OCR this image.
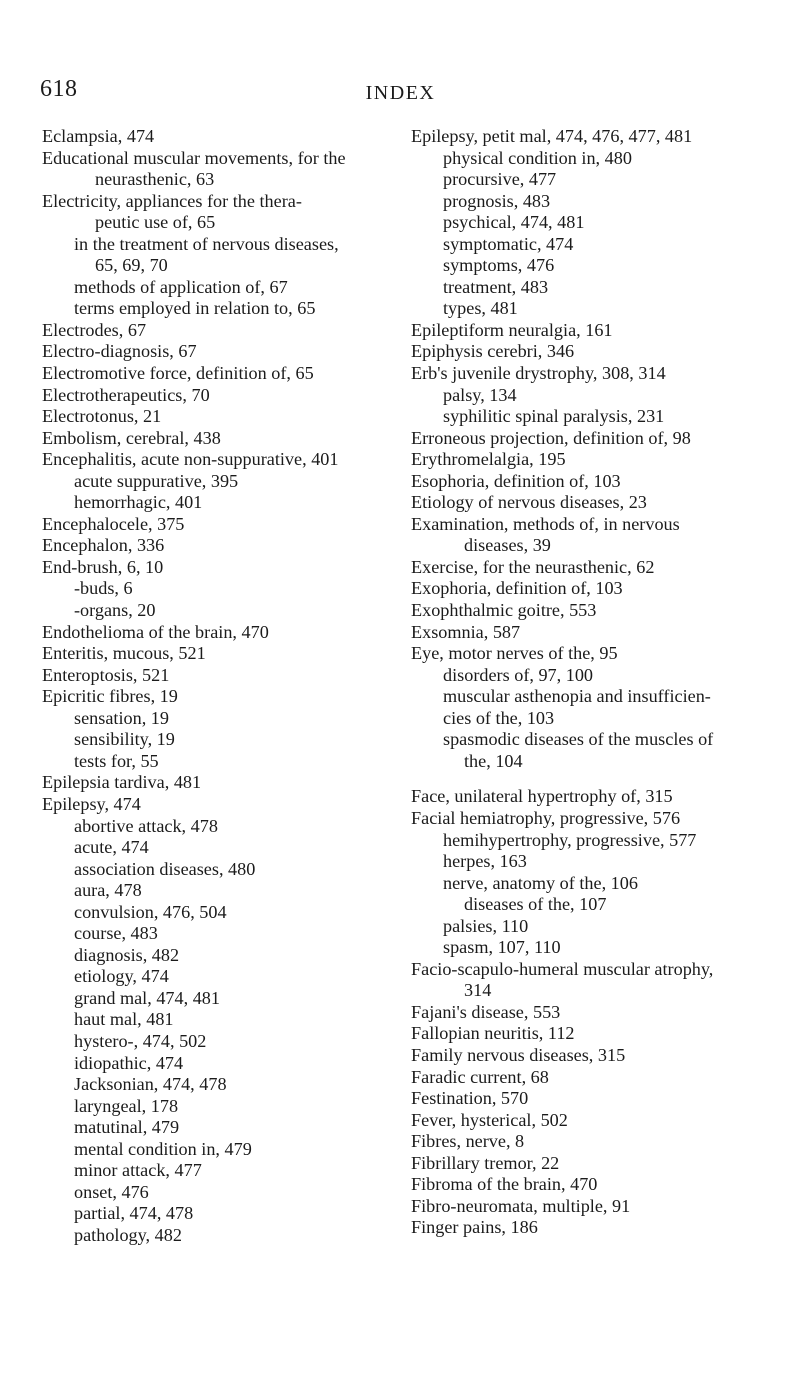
618	INDEX
Eclampsia, 474
Educational muscular movements, for the
neurasthenic, 63
Electricity, appliances for the thera-
peutic use of, 65
in the treatment of nervous diseases,
65, 69, 70
methods of application of, 67
terms employed in relation to, 65
Electrodes, 67
Electro-diagnosis, 67
Electromotive force, definition of, 65
Electrotherapeutics, 70
Electrotonus, 21
Embolism, cerebral, 438
Encephalitis, acute non-suppurative, 401
acute suppurative, 395
hemorrhagic, 401
Encephalocele, 375
Encephalon, 336
End-brush, 6, 10
-buds, 6
-organs, 20
Endothelioma of the brain, 470
Enteritis, mucous, 521
Enteroptosis, 521
Epicritic fibres, 19
sensation, 19
sensibility, 19
tests for, 55
Epilepsia tardiva, 481
Epilepsy, 474
abortive attack, 478
acute, 474
association diseases, 480
aura, 478
convulsion, 476, 504
course, 483
diagnosis, 482
etiology, 474
grand mal, 474, 481
haut mal, 481
hystero-, 474, 502
idiopathic, 474
Jacksonian, 474, 478
laryngeal, 178
matutinal, 479
mental condition in, 479
minor attack, 477
onset, 476
partial, 474, 478
pathology, 482
Epilepsy, petit mal, 474, 476, 477, 481
physical condition in, 480
procursive, 477
prognosis, 483
psychical, 474, 481
symptomatic, 474
symptoms, 476
treatment, 483
types, 481
Epileptiform neuralgia, 161
Epiphysis cerebri, 346
Erb's juvenile drystrophy, 308, 314
palsy, 134
syphilitic spinal paralysis, 231
Erroneous projection, definition of, 98
Erythromelalgia, 195
Esophoria, definition of, 103
Etiology of nervous diseases, 23
Examination, methods of, in nervous
diseases, 39
Exercise, for the neurasthenic, 62
Exophoria, definition of, 103
Exophthalmic goitre, 553
Exsomnia, 587
Eye, motor nerves of the, 95
disorders of, 97, 100
muscular asthenopia and insufficien-
cies of the, 103
spasmodic diseases of the muscles of
the, 104
Face, unilateral hypertrophy of, 315
Facial hemiatrophy, progressive, 576
hemihypertrophy, progressive, 577
herpes, 163
nerve, anatomy of the, 106
diseases of the, 107
palsies, 110
spasm, 107, 110
Facio-scapulo-humeral muscular atrophy,
314
Fajani's disease, 553
Fallopian neuritis, 112
Family nervous diseases, 315
Faradic current, 68
Festination, 570
Fever, hysterical, 502
Fibres, nerve, 8
Fibrillary tremor, 22
Fibroma of the brain, 470
Fibro-neuromata, multiple, 91
Finger pains, 186
